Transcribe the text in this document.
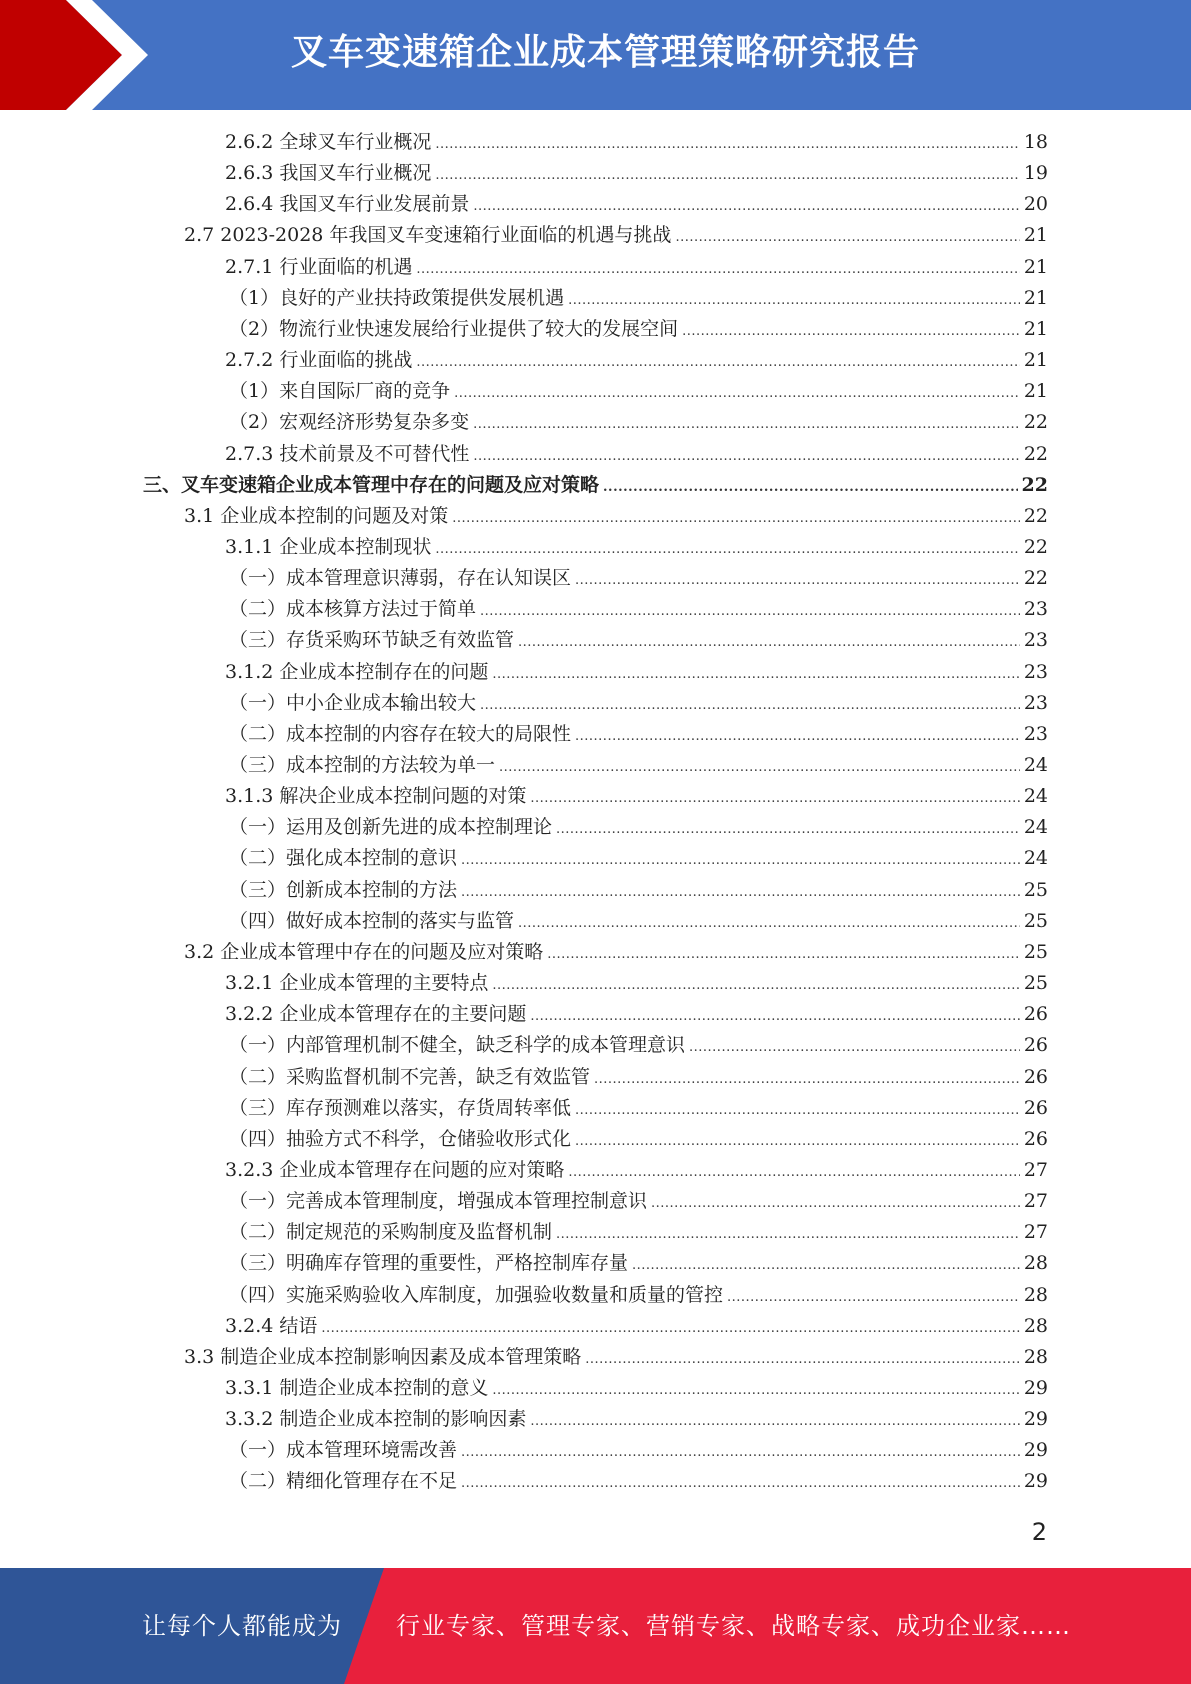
叉车变速箱企业成本管理策略研究报告
2.6.2 全球叉车行业概况 .....	18
2.6.3 我国叉车行业概况 .....	19
2.6.4 我国叉车行业发展前景 .....	20
2.7 2023-2028 年我国叉车变速箱行业面临的机遇与挑战 .....	21
2.7.1 行业面临的机遇 .....	21
（1）良好的产业扶持政策提供发展机遇 .....	21
（2）物流行业快速发展给行业提供了较大的发展空间 .....	21
2.7.2 行业面临的挑战 .....	21
（1）来自国际厂商的竞争 .....	21
（2）宏观经济形势复杂多变 .....	22
2.7.3 技术前景及不可替代性 .....	22
三、叉车变速箱企业成本管理中存在的问题及应对策略 .....	22
3.1 企业成本控制的问题及对策 .....	22
3.1.1 企业成本控制现状 .....	22
（一）成本管理意识薄弱，存在认知误区 .....	22
（二）成本核算方法过于简单 .....	23
（三）存货采购环节缺乏有效监管 .....	23
3.1.2 企业成本控制存在的问题 .....	23
（一）中小企业成本输出较大 .....	23
（二）成本控制的内容存在较大的局限性 .....	23
（三）成本控制的方法较为单一 .....	24
3.1.3 解决企业成本控制问题的对策 .....	24
（一）运用及创新先进的成本控制理论 .....	24
（二）强化成本控制的意识 .....	24
（三）创新成本控制的方法 .....	25
（四）做好成本控制的落实与监管 .....	25
3.2 企业成本管理中存在的问题及应对策略 .....	25
3.2.1 企业成本管理的主要特点 .....	25
3.2.2 企业成本管理存在的主要问题 .....	26
（一）内部管理机制不健全，缺乏科学的成本管理意识 .....	26
（二）采购监督机制不完善，缺乏有效监管 .....	26
（三）库存预测难以落实，存货周转率低 .....	26
（四）抽验方式不科学，仓储验收形式化 .....	26
3.2.3 企业成本管理存在问题的应对策略 .....	27
（一）完善成本管理制度，增强成本管理控制意识 .....	27
（二）制定规范的采购制度及监督机制 .....	27
（三）明确库存管理的重要性，严格控制库存量 .....	28
（四）实施采购验收入库制度，加强验收数量和质量的管控 .....	28
3.2.4 结语 .....	28
3.3 制造企业成本控制影响因素及成本管理策略 .....	28
3.3.1 制造企业成本控制的意义 .....	29
3.3.2 制造企业成本控制的影响因素 .....	29
（一）成本管理环境需改善 .....	29
（二）精细化管理存在不足 .....	29
2
让每个人都能成为 行业专家、管理专家、营销专家、战略专家、成功企业家……
